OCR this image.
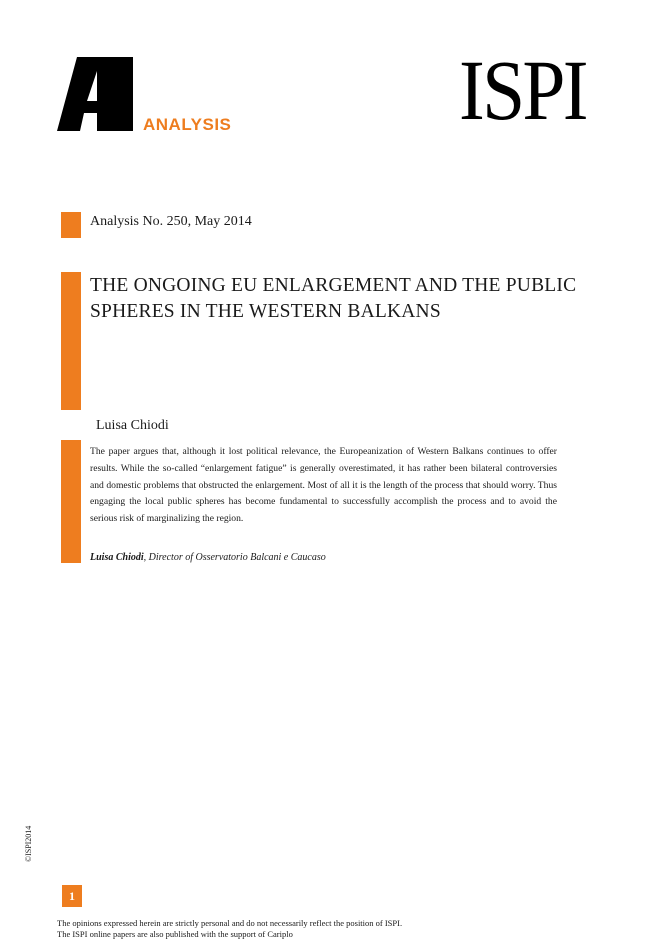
ANALYSIS	ISPI
Analysis No. 250, May 2014
THE ONGOING EU ENLARGEMENT AND THE PUBLIC SPHERES IN THE WESTERN BALKANS
Luisa Chiodi
The paper argues that, although it lost political relevance, the Europeanization of Western Balkans continues to offer results. While the so-called “enlargement fatigue” is generally overestimated, it has rather been bilateral controversies and domestic problems that obstructed the enlargement. Most of all it is the length of the process that should worry. Thus engaging the local public spheres has become fundamental to successfully accomplish the process and to avoid the serious risk of marginalizing the region.
Luisa Chiodi, Director of Osservatorio Balcani e Caucaso
©ISPI2014
1
The opinions expressed herein are strictly personal and do not necessarily reflect the position of ISPI.
The ISPI online papers are also published with the support of Cariplo
